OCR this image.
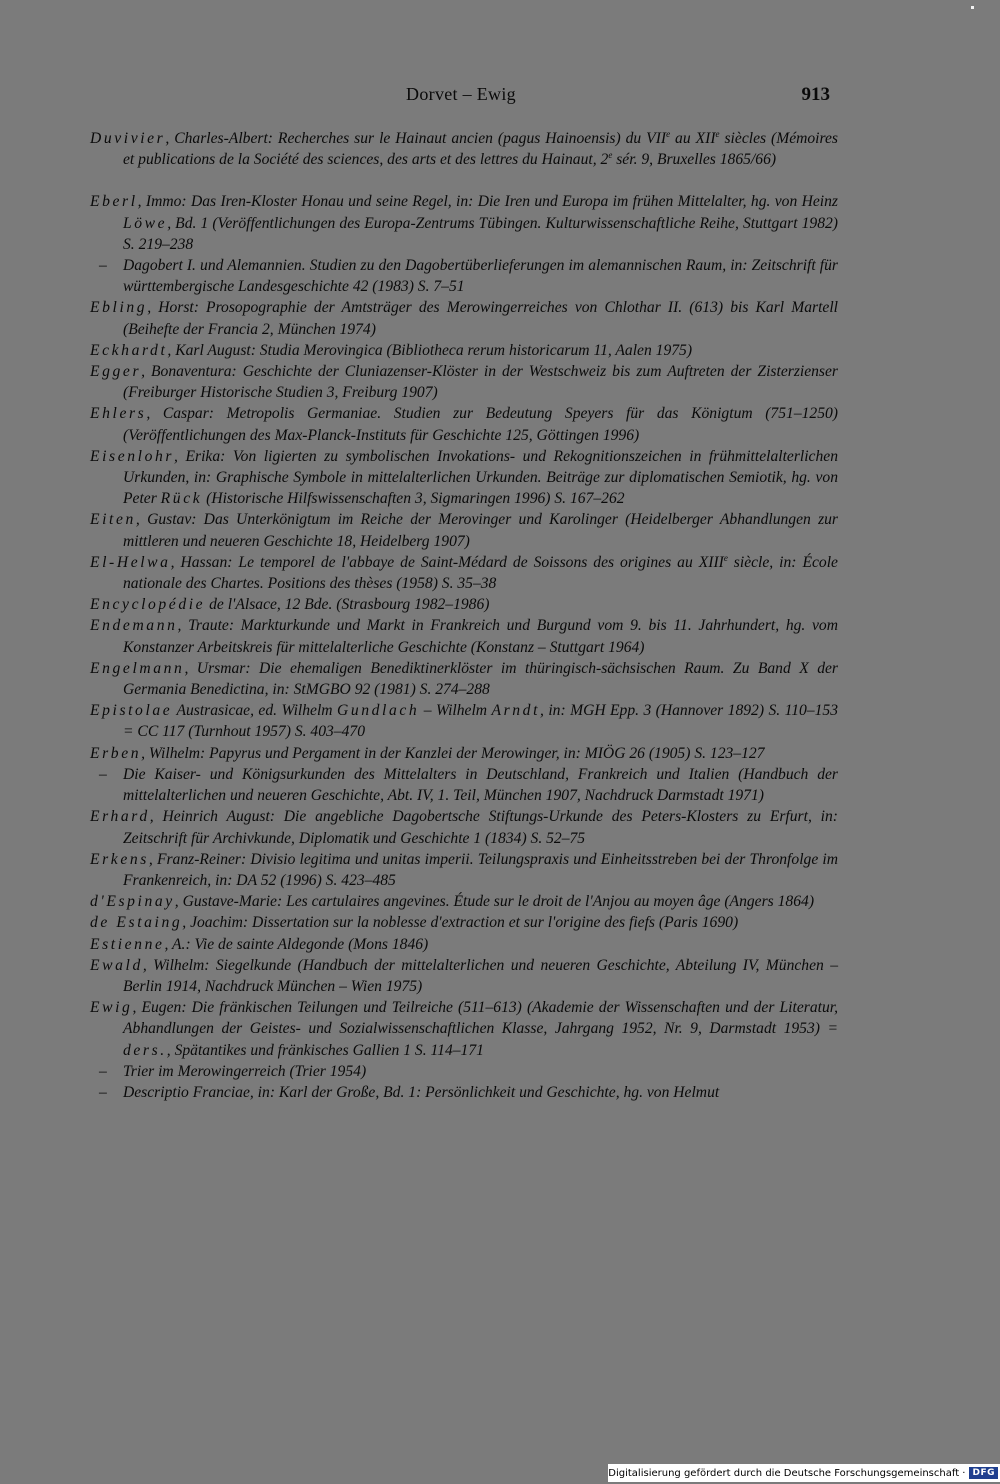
Dorvet – Ewig	913

Duvivier, Charles-Albert: Recherches sur le Hainaut ancien (pagus Hainoensis) du VIIe au XIIe siècles (Mémoires et publications de la Société des sciences, des arts et des lettres du Hainaut, 2e sér. 9, Bruxelles 1865/66)

Eberl, Immo: Das Iren-Kloster Honau und seine Regel, in: Die Iren und Europa im frühen Mittelalter, hg. von Heinz Löwe, Bd. 1 (Veröffentlichungen des Europa-Zentrums Tübingen. Kulturwissenschaftliche Reihe, Stuttgart 1982) S. 219–238

– Dagobert I. und Alemannien. Studien zu den Dagobertüberlieferungen im alemannischen Raum, in: Zeitschrift für württembergische Landesgeschichte 42 (1983) S. 7–51

Ebling, Horst: Prosopographie der Amtsträger des Merowingerreiches von Chlothar II. (613) bis Karl Martell (Beihefte der Francia 2, München 1974)

Eckhardt, Karl August: Studia Merovingica (Bibliotheca rerum historicarum 11, Aalen 1975)

Egger, Bonaventura: Geschichte der Cluniazenser-Klöster in der Westschweiz bis zum Auftreten der Zisterzienser (Freiburger Historische Studien 3, Freiburg 1907)

Ehlers, Caspar: Metropolis Germaniae. Studien zur Bedeutung Speyers für das Königtum (751–1250) (Veröffentlichungen des Max-Planck-Instituts für Geschichte 125, Göttingen 1996)

Eisenlohr, Erika: Von ligierten zu symbolischen Invokations- und Rekognitionszeichen in frühmittelalterlichen Urkunden, in: Graphische Symbole in mittelalterlichen Urkunden. Beiträge zur diplomatischen Semiotik, hg. von Peter Rück (Historische Hilfswissenschaften 3, Sigmaringen 1996) S. 167–262

Eiten, Gustav: Das Unterkönigtum im Reiche der Merovinger und Karolinger (Heidelberger Abhandlungen zur mittleren und neueren Geschichte 18, Heidelberg 1907)

El-Helwa, Hassan: Le temporel de l'abbaye de Saint-Médard de Soissons des origines au XIIIe siècle, in: École nationale des Chartes. Positions des thèses (1958) S. 35–38

Encyclopédie de l'Alsace, 12 Bde. (Strasbourg 1982–1986)

Endemann, Traute: Markturkunde und Markt in Frankreich und Burgund vom 9. bis 11. Jahrhundert, hg. vom Konstanzer Arbeitskreis für mittelalterliche Geschichte (Konstanz – Stuttgart 1964)

Engelmann, Ursmar: Die ehemaligen Benediktinerklöster im thüringisch-sächsischen Raum. Zu Band X der Germania Benedictina, in: StMGBO 92 (1981) S. 274–288

Epistolae Austrasicae, ed. Wilhelm Gundlach – Wilhelm Arndt, in: MGH Epp. 3 (Hannover 1892) S. 110–153 = CC 117 (Turnhout 1957) S. 403–470

Erben, Wilhelm: Papyrus und Pergament in der Kanzlei der Merowinger, in: MIÖG 26 (1905) S. 123–127

– Die Kaiser- und Königsurkunden des Mittelalters in Deutschland, Frankreich und Italien (Handbuch der mittelalterlichen und neueren Geschichte, Abt. IV, 1. Teil, München 1907, Nachdruck Darmstadt 1971)

Erhard, Heinrich August: Die angebliche Dagobertsche Stiftungs-Urkunde des Peters-Klosters zu Erfurt, in: Zeitschrift für Archivkunde, Diplomatik und Geschichte 1 (1834) S. 52–75

Erkens, Franz-Reiner: Divisio legitima und unitas imperii. Teilungspraxis und Einheitsstreben bei der Thronfolge im Frankenreich, in: DA 52 (1996) S. 423–485

d'Espinay, Gustave-Marie: Les cartulaires angevines. Étude sur le droit de l'Anjou au moyen âge (Angers 1864)

de Estaing, Joachim: Dissertation sur la noblesse d'extraction et sur l'origine des fiefs (Paris 1690)

Estienne, A.: Vie de sainte Aldegonde (Mons 1846)

Ewald, Wilhelm: Siegelkunde (Handbuch der mittelalterlichen und neueren Geschichte, Abteilung IV, München – Berlin 1914, Nachdruck München – Wien 1975)

Ewig, Eugen: Die fränkischen Teilungen und Teilreiche (511–613) (Akademie der Wissenschaften und der Literatur, Abhandlungen der Geistes- und Sozialwissenschaftlichen Klasse, Jahrgang 1952, Nr. 9, Darmstadt 1953) = ders., Spätantikes und fränkisches Gallien 1 S. 114–171

– Trier im Merowingerreich (Trier 1954)

– Descriptio Franciae, in: Karl der Große, Bd. 1: Persönlichkeit und Geschichte, hg. von Helmut

Digitalisierung gefördert durch die Deutsche Forschungsgemeinschaft · DFG
